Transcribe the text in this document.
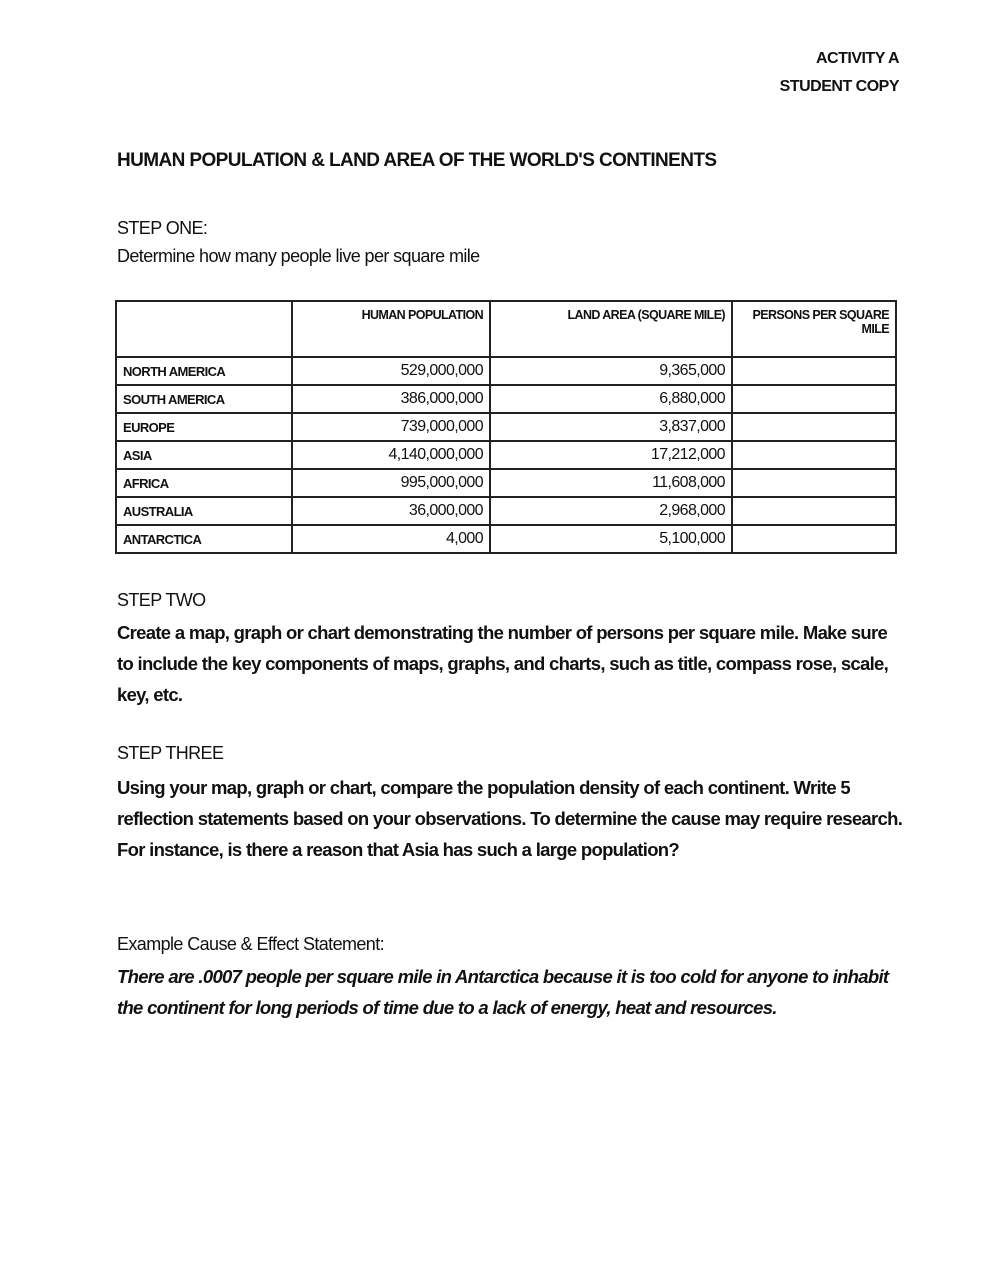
ACTIVITY A
STUDENT COPY
HUMAN POPULATION & LAND AREA OF THE WORLD'S CONTINENTS
STEP ONE:
Determine how many people live per square mile
	HUMAN POPULATION	LAND AREA (SQUARE MILE)	PERSONS PER SQUARE MILE
NORTH AMERICA	529,000,000	9,365,000	
SOUTH AMERICA	386,000,000	6,880,000	
EUROPE	739,000,000	3,837,000	
ASIA	4,140,000,000	17,212,000	
AFRICA	995,000,000	11,608,000	
AUSTRALIA	36,000,000	2,968,000	
ANTARCTICA	4,000	5,100,000	
STEP TWO
Create a map, graph or chart demonstrating the number of persons per square mile. Make sure to include the key components of maps, graphs, and charts, such as title, compass rose, scale, key, etc.
STEP THREE
Using your map, graph or chart, compare the population density of each continent. Write 5 reflection statements based on your observations. To determine the cause may require research. For instance, is there a reason that Asia has such a large population?
Example Cause & Effect Statement:
There are .0007 people per square mile in Antarctica because it is too cold for anyone to inhabit the continent for long periods of time due to a lack of energy, heat and resources.
